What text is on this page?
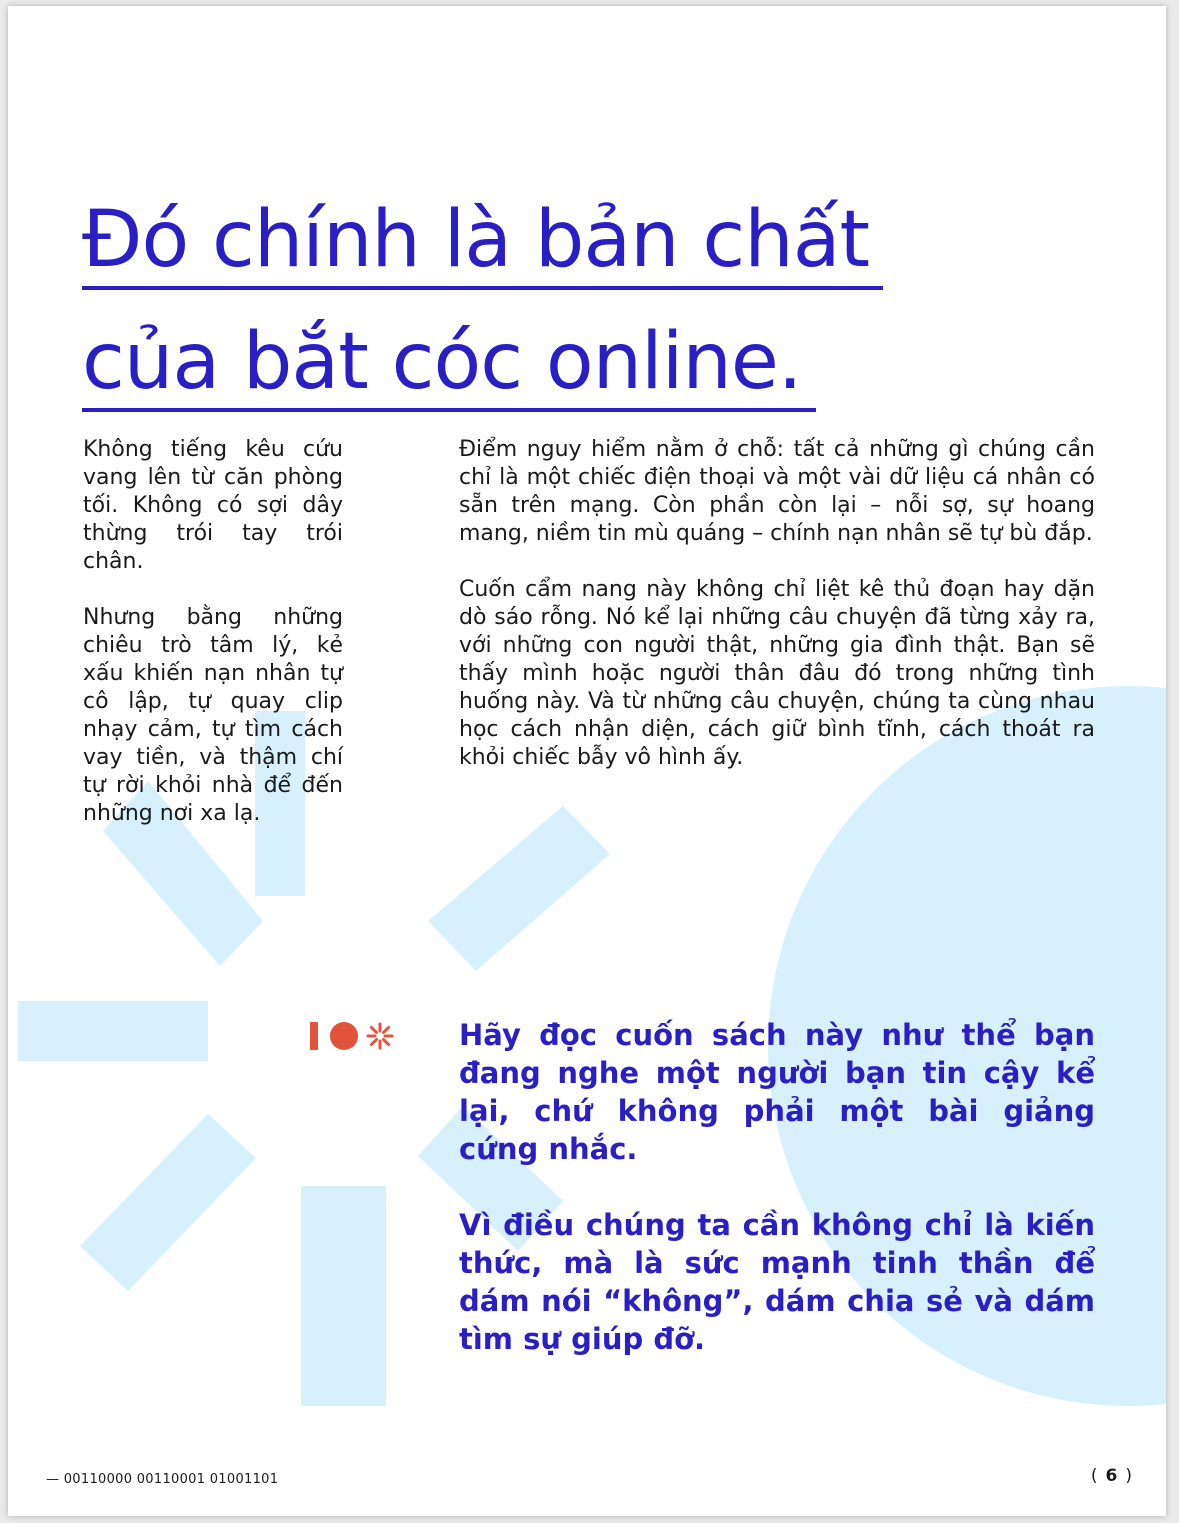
Đó chính là bản chất
của bắt cóc online.

Không tiếng kêu cứu vang lên từ căn phòng tối. Không có sợi dây thừng trói tay trói chân.

Nhưng bằng những chiêu trò tâm lý, kẻ xấu khiến nạn nhân tự cô lập, tự quay clip nhạy cảm, tự tìm cách vay tiền, và thậm chí tự rời khỏi nhà để đến những nơi xa lạ.

Điểm nguy hiểm nằm ở chỗ: tất cả những gì chúng cần chỉ là một chiếc điện thoại và một vài dữ liệu cá nhân có sẵn trên mạng. Còn phần còn lại – nỗi sợ, sự hoang mang, niềm tin mù quáng – chính nạn nhân sẽ tự bù đắp.

Cuốn cẩm nang này không chỉ liệt kê thủ đoạn hay dặn dò sáo rỗng. Nó kể lại những câu chuyện đã từng xảy ra, với những con người thật, những gia đình thật. Bạn sẽ thấy mình hoặc người thân đâu đó trong những tình huống này. Và từ những câu chuyện, chúng ta cùng nhau học cách nhận diện, cách giữ bình tĩnh, cách thoát ra khỏi chiếc bẫy vô hình ấy.

Hãy đọc cuốn sách này như thể bạn đang nghe một người bạn tin cậy kể lại, chứ không phải một bài giảng cứng nhắc.

Vì điều chúng ta cần không chỉ là kiến thức, mà là sức mạnh tinh thần để dám nói “không”, dám chia sẻ và dám tìm sự giúp đỡ.

— 00110000 00110001 01001101	( 6 )
